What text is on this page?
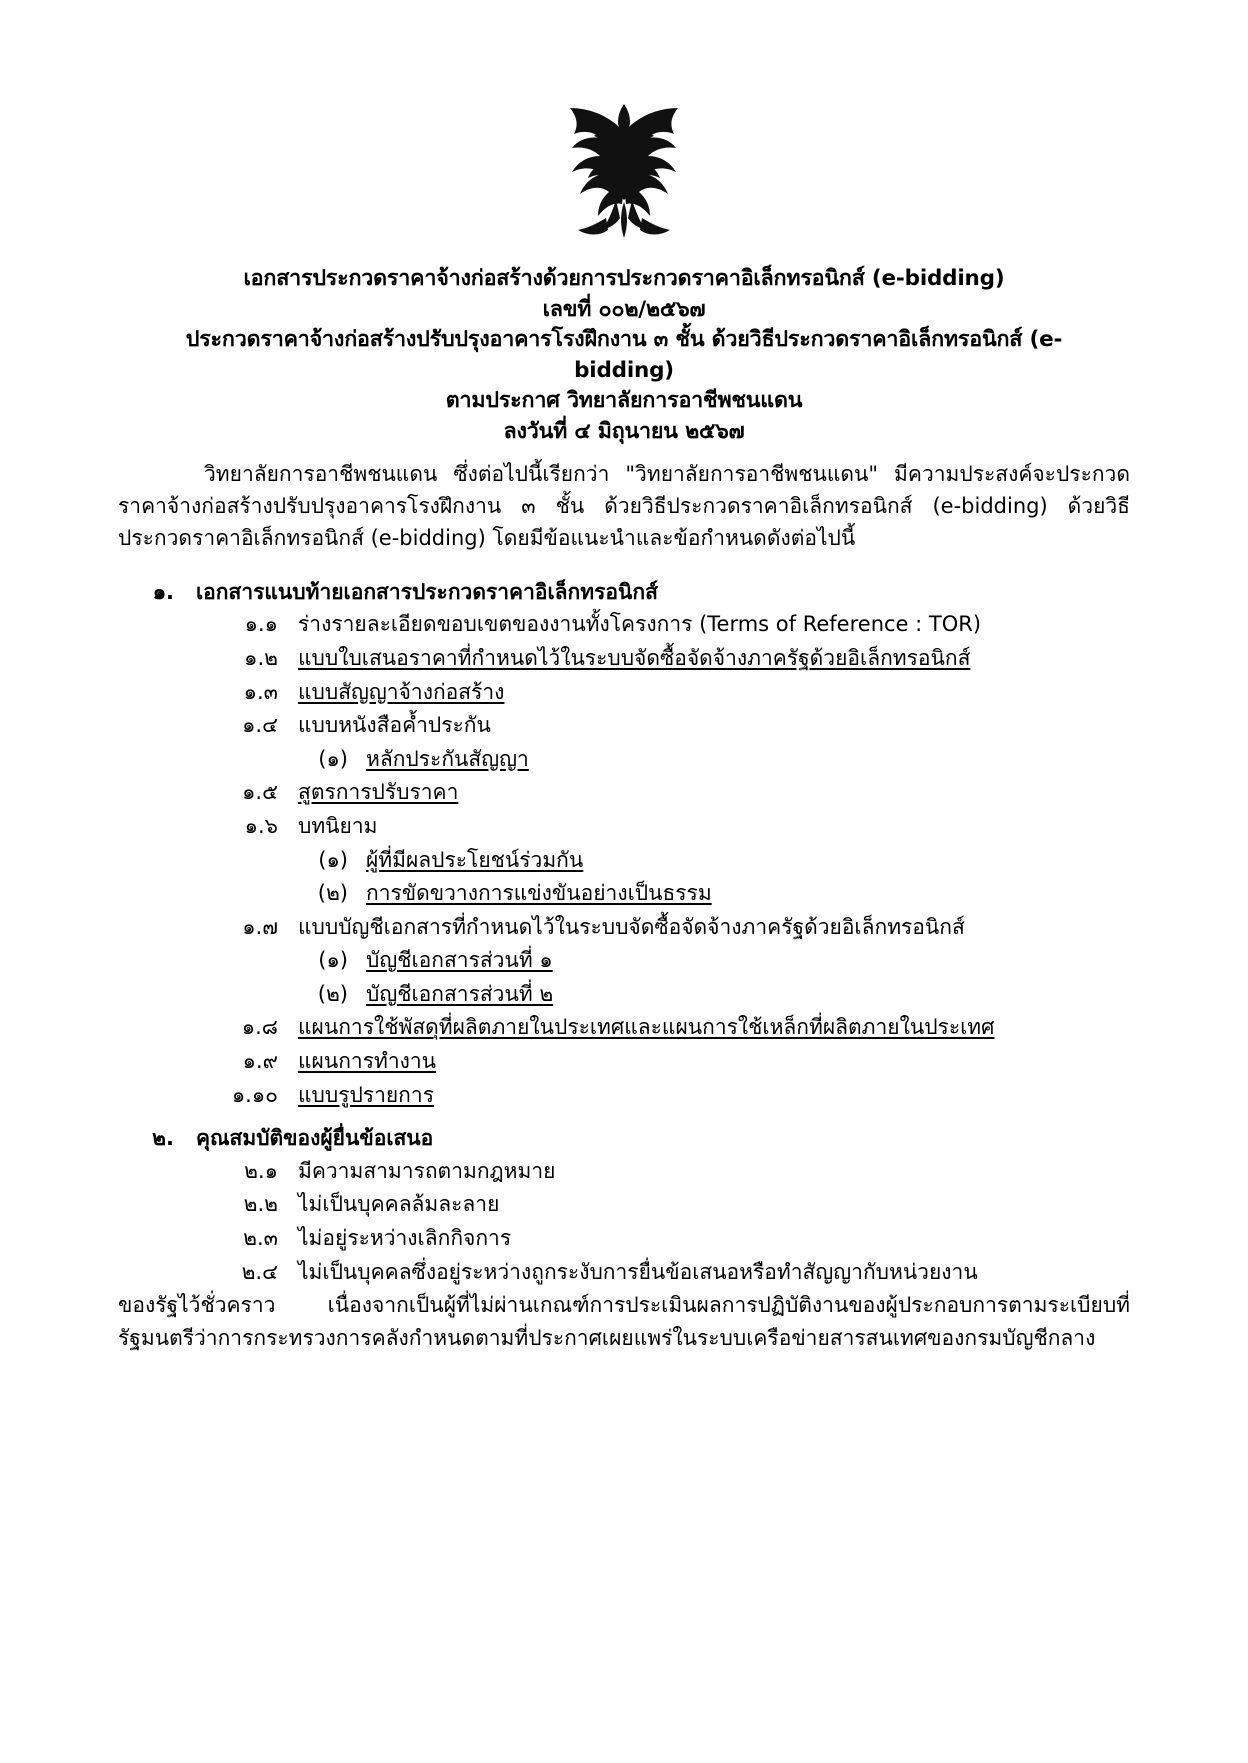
เอกสารประกวดราคาจ้างก่อสร้างด้วยการประกวดราคาอิเล็กทรอนิกส์ (e-bidding)
เลขที่ ๐๐๒/๒๕๖๗
ประกวดราคาจ้างก่อสร้างปรับปรุงอาคารโรงฝึกงาน ๓ ชั้น ด้วยวิธีประกวดราคาอิเล็กทรอนิกส์ (e-
bidding)
ตามประกาศ วิทยาลัยการอาชีพชนแดน
ลงวันที่ ๔ มิถุนายน ๒๕๖๗

วิทยาลัยการอาชีพชนแดน ซึ่งต่อไปนี้เรียกว่า "วิทยาลัยการอาชีพชนแดน" มีความประสงค์จะประกวดราคาจ้างก่อสร้างปรับปรุงอาคารโรงฝึกงาน ๓ ชั้น ด้วยวิธีประกวดราคาอิเล็กทรอนิกส์ (e-bidding) ด้วยวิธีประกวดราคาอิเล็กทรอนิกส์ (e-bidding) โดยมีข้อแนะนำและข้อกำหนดดังต่อไปนี้

๑.	เอกสารแนบท้ายเอกสารประกวดราคาอิเล็กทรอนิกส์
๑.๑ ร่างรายละเอียดขอบเขตของงานทั้งโครงการ (Terms of Reference : TOR)
๑.๒ แบบใบเสนอราคาที่กำหนดไว้ในระบบจัดซื้อจัดจ้างภาครัฐด้วยอิเล็กทรอนิกส์
๑.๓ แบบสัญญาจ้างก่อสร้าง
๑.๔ แบบหนังสือค้ำประกัน
(๑) หลักประกันสัญญา
๑.๕ สูตรการปรับราคา
๑.๖ บทนิยาม
(๑) ผู้ที่มีผลประโยชน์ร่วมกัน
(๒) การขัดขวางการแข่งขันอย่างเป็นธรรม
๑.๗ แบบบัญชีเอกสารที่กำหนดไว้ในระบบจัดซื้อจัดจ้างภาครัฐด้วยอิเล็กทรอนิกส์
(๑) บัญชีเอกสารส่วนที่ ๑
(๒) บัญชีเอกสารส่วนที่ ๒
๑.๘ แผนการใช้พัสดุที่ผลิตภายในประเทศและแผนการใช้เหล็กที่ผลิตภายในประเทศ
๑.๙ แผนการทำงาน
๑.๑๐ แบบรูปรายการ
๒.	คุณสมบัติของผู้ยื่นข้อเสนอ
๒.๑ มีความสามารถตามกฎหมาย
๒.๒ ไม่เป็นบุคคลล้มละลาย
๒.๓ ไม่อยู่ระหว่างเลิกกิจการ
๒.๔ ไม่เป็นบุคคลซึ่งอยู่ระหว่างถูกระงับการยื่นข้อเสนอหรือทำสัญญากับหน่วยงาน

ของรัฐไว้ชั่วคราว เนื่องจากเป็นผู้ที่ไม่ผ่านเกณฑ์การประเมินผลการปฏิบัติงานของผู้ประกอบการตามระเบียบที่รัฐมนตรีว่าการกระทรวงการคลังกำหนดตามที่ประกาศเผยแพร่ในระบบเครือข่ายสารสนเทศของกรมบัญชีกลาง
